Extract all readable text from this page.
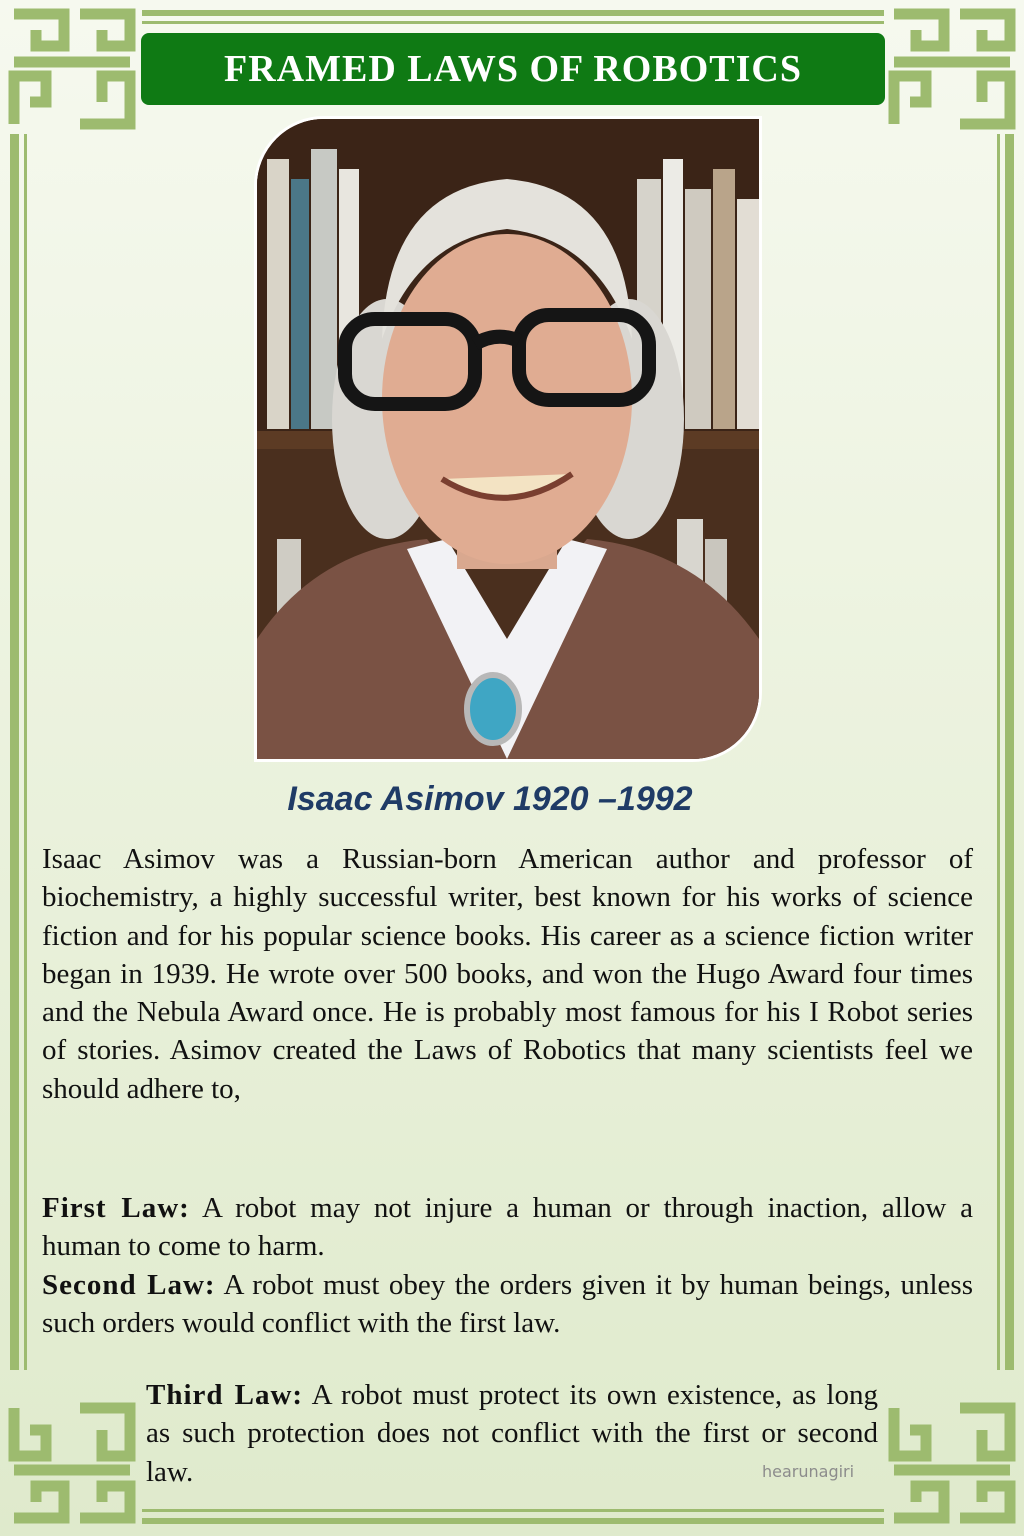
FRAMED LAWS OF ROBOTICS
Isaac Asimov 1920 –1992

Isaac Asimov was a Russian-born American author and professor of biochemistry, a highly successful writer, best known for his works of science fiction and for his popular science books. His career as a science fiction writer began in 1939. He wrote over 500 books, and won the Hugo Award four times and the Nebula Award once. He is probably most famous for his I Robot series of stories. Asimov created the Laws of Robotics that many scientists feel we should adhere to,

First Law: A robot may not injure a human or through inaction, allow a human to come to harm.

Second Law: A robot must obey the orders given it by human beings, unless such orders would conflict with the first law.

Third Law: A robot must protect its own existence, as long as such protection does not conflict with the first or second law.	hearunagiri
